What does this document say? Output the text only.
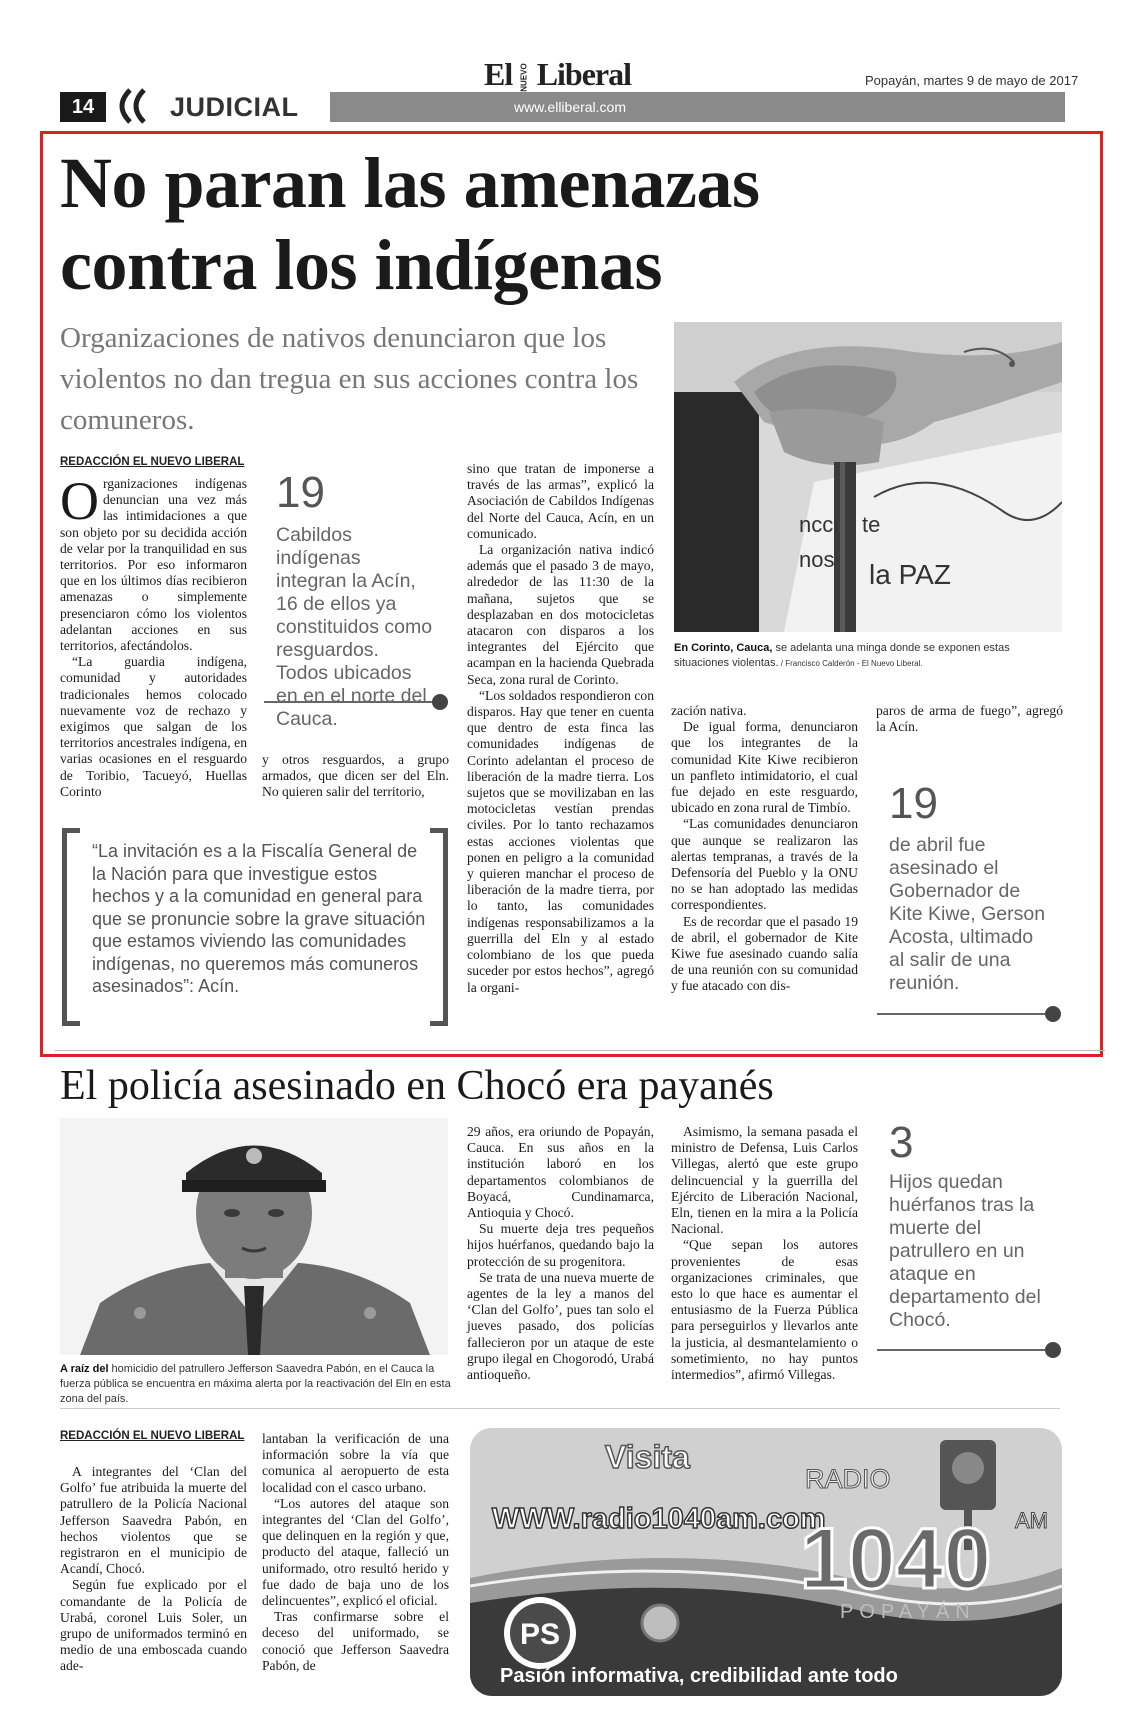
14	JUDICIAL
El NUEVO Liberal
www.elliberal.com
Popayán, martes 9 de mayo de 2017
No paran las amenazas
contra los indígenas
Organizaciones de nativos denunciaron que los violentos no dan tregua en sus acciones contra los comuneros.
ncci te
nos la PAZ
En Corinto, Cauca, se adelanta una minga donde se exponen estas situaciones violentas. / Francisco Calderón - El Nuevo Liberal.
REDACCIÓN EL NUEVO LIBERAL

Organizaciones indígenas denuncian una vez más las intimidaciones a que son objeto por su decidida acción de velar por la tranquilidad en sus territorios. Por eso informaron que en los últimos días recibieron amenazas o simplemente presenciaron cómo los violentos adelantan acciones en sus territorios, afectándolos.

“La guardia indígena, comunidad y autoridades tradicionales hemos colocado nuevamente voz de rechazo y exigimos que salgan de los territorios ancestrales indígena, en varias ocasiones en el resguardo de Toribio, Tacueyó, Huellas Corinto

19
Cabildos indígenas integran la Acín, 16 de ellos ya constituidos como resguardos. Todos ubicados en en el norte del Cauca.

y otros resguardos, a grupo armados, que dicen ser del Eln. No quieren salir del territorio,

sino que tratan de imponerse a través de las armas”, explicó la Asociación de Cabildos Indígenas del Norte del Cauca, Acín, en un comunicado.

La organización nativa indicó además que el pasado 3 de mayo, alrededor de las 11:30 de la mañana, sujetos que se desplazaban en dos motocicletas atacaron con disparos a los integrantes del Ejército que acampan en la hacienda Quebrada Seca, zona rural de Corinto.

“Los soldados respondieron con disparos. Hay que tener en cuenta que dentro de esta finca las comunidades indígenas de Corinto adelantan el proceso de liberación de la madre tierra. Los sujetos que se movilizaban en las motocicletas vestían prendas civiles. Por lo tanto rechazamos estas acciones violentas que ponen en peligro a la comunidad y quieren manchar el proceso de liberación de la madre tierra, por lo tanto, las comunidades indígenas responsabilizamos a la guerrilla del Eln y al estado colombiano de los que pueda suceder por estos hechos”, agregó la organi-

zación nativa.

De igual forma, denunciaron que los integrantes de la comunidad Kite Kiwe recibieron un panfleto intimidatorio, el cual fue dejado en este resguardo, ubicado en zona rural de Timbío.

“Las comunidades denunciaron que aunque se realizaron las alertas tempranas, a través de la Defensoría del Pueblo y la ONU no se han adoptado las medidas correspondientes.

Es de recordar que el pasado 19 de abril, el gobernador de Kite Kiwe fue asesinado cuando salía de una reunión con su comunidad y fue atacado con dis-

paros de arma de fuego”, agregó la Acín.

19
de abril fue asesinado el Gobernador de Kite Kiwe, Gerson Acosta, ultimado al salir de una reunión.
“La invitación es a la Fiscalía General de la Nación para que investigue estos hechos y a la comunidad en general para que se pronuncie sobre la grave situación que estamos viviendo las comunidades indígenas, no queremos más comuneros asesinados”: Acín.
El policía asesinado en Chocó era payanés
A raíz del homicidio del patrullero Jefferson Saavedra Pabón, en el Cauca la fuerza pública se encuentra en máxima alerta por la reactivación del Eln en esta zona del país.

29 años, era oriundo de Popayán, Cauca. En sus años en la institución laboró en los departamentos colombianos de Boyacá, Cundinamarca, Antioquia y Chocó.

Su muerte deja tres pequeños hijos huérfanos, quedando bajo la protección de su progenitora.

Se trata de una nueva muerte de agentes de la ley a manos del ‘Clan del Golfo’, pues tan solo el jueves pasado, dos policías fallecieron por un ataque de este grupo ilegal en Chogorodó, Urabá antioqueño.

Asimismo, la semana pasada el ministro de Defensa, Luis Carlos Villegas, alertó que este grupo delincuencial y la guerrilla del Ejército de Liberación Nacional, Eln, tienen en la mira a la Policía Nacional.

“Que sepan los autores provenientes de esas organizaciones criminales, que esto lo que hace es aumentar el entusiasmo de la Fuerza Pública para perseguirlos y llevarlos ante la justicia, al desmantelamiento o sometimiento, no hay puntos intermedios”, afirmó Villegas.

3
Hijos quedan huérfanos tras la muerte del patrullero en un ataque en departamento del Chocó.
REDACCIÓN EL NUEVO LIBERAL

A integrantes del ‘Clan del Golfo’ fue atribuida la muerte del patrullero de la Policía Nacional Jefferson Saavedra Pabón, en hechos violentos que se registraron en el municipio de Acandí, Chocó.

Según fue explicado por el comandante de la Policía de Urabá, coronel Luis Soler, un grupo de uniformados terminó en medio de una emboscada cuando ade-

lantaban la verificación de una información sobre la vía que comunica al aeropuerto de esta localidad con el casco urbano.

“Los autores del ataque son integrantes del ‘Clan del Golfo’, que delinquen en la región y que, producto del ataque, falleció un uniformado, otro resultó herido y fue dado de baja uno de los delincuentes”, explicó el oficial.

Tras confirmarse sobre el deceso del uniformado, se conoció que Jefferson Saavedra Pabón, de

PS
Visita
WWW.radio1040am.com
RADIO
1040 AM
POPAYÁN
Pasión informativa, credibilidad ante todo
